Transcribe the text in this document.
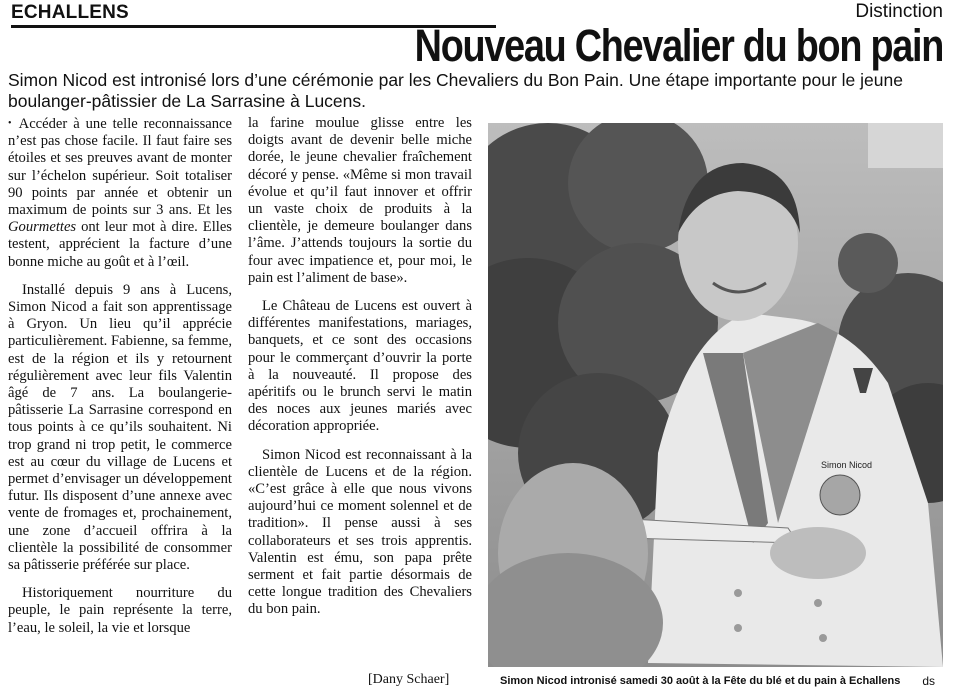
ECHALLENS	Distinction
Nouveau Chevalier du bon pain
Simon Nicod est intronisé lors d’une cérémonie par les Chevaliers du Bon Pain. Une étape importante pour le jeune boulanger-pâtissier de La Sarrasine à Lucens.

• Accéder à une telle reconnaissance n’est pas chose facile. Il faut faire ses étoiles et ses preuves avant de monter sur l’échelon supérieur. Soit totaliser 90 points par année et obtenir un maximum de points sur 3 ans. Et les Gourmettes ont leur mot à dire. Elles testent, apprécient la facture d’une bonne miche au goût et à l’œil.

Installé depuis 9 ans à Lucens, Simon Nicod a fait son apprentissage à Gryon. Un lieu qu’il apprécie particulièrement. Fabienne, sa femme, est de la région et ils y retournent régulièrement avec leur fils Valentin âgé de 7 ans. La boulangerie-pâtisserie La Sarrasine correspond en tous points à ce qu’ils souhaitent. Ni trop grand ni trop petit, le commerce est au cœur du village de Lucens et permet d’envisager un développement futur. Ils disposent d’une annexe avec vente de fromages et, prochainement, une zone d’accueil offrira à la clientèle la possibilité de consommer sa pâtisserie préférée sur place.

Historiquement nourriture du peuple, le pain représente la terre, l’eau, le soleil, la vie et lorsque

la farine moulue glisse entre les doigts avant de devenir belle miche dorée, le jeune chevalier fraîchement décoré y pense. «Même si mon travail évolue et qu’il faut innover et offrir un vaste choix de produits à la clientèle, je demeure boulanger dans l’âme. J’attends toujours la sortie du four avec impatience et, pour moi, le pain est l’aliment de base».

Le Château de Lucens est ouvert à différentes manifestations, mariages, banquets, et ce sont des occasions pour le commerçant d’ouvrir la porte à la nouveauté. Il propose des apéritifs ou le brunch servi le matin des noces aux jeunes mariés avec décoration appropriée.

Simon Nicod est reconnaissant à la clientèle de Lucens et de la région. «C’est grâce à elle que nous vivons aujourd’hui ce moment solennel et de tradition». Il pense aussi à ses collaborateurs et ses trois apprentis. Valentin est ému, son papa prête serment et fait partie désormais de cette longue tradition des Chevaliers du bon pain.

[Dany Schaer]
Simon Nicod
Simon Nicod intronisé samedi 30 août à la Fête du blé et du pain à Echallens ds
